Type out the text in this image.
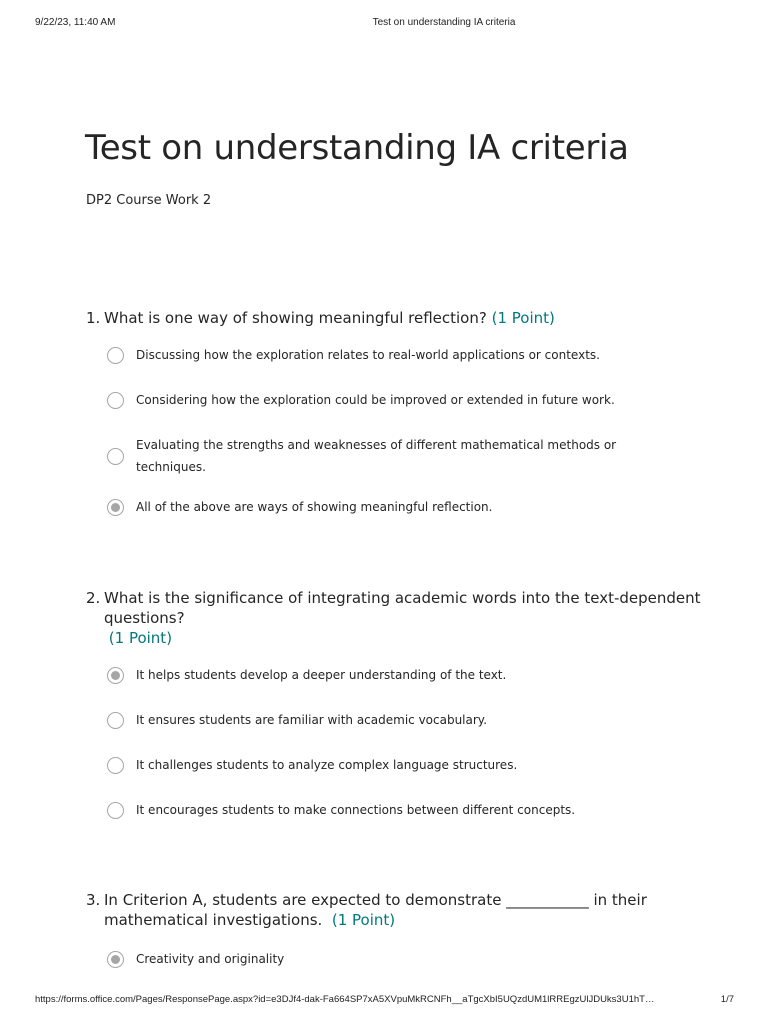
9/22/23, 11:40 AM	Test on understanding IA criteria
Test on understanding IA criteria
DP2 Course Work 2
1. What is one way of showing meaningful reflection? (1 Point)
Discussing how the exploration relates to real-world applications or contexts.
Considering how the exploration could be improved or extended in future work.
Evaluating the strengths and weaknesses of different mathematical methods or techniques.
All of the above are ways of showing meaningful reflection.
2. What is the significance of integrating academic words into the text-dependent questions?
(1 Point)
It helps students develop a deeper understanding of the text.
It ensures students are familiar with academic vocabulary.
It challenges students to analyze complex language structures.
It encourages students to make connections between different concepts.
3. In Criterion A, students are expected to demonstrate ___________ in their mathematical investigations. (1 Point)
Creativity and originality
https://forms.office.com/Pages/ResponsePage.aspx?id=e3DJf4-dak-Fa664SP7xA5XVpuMkRCNFh__aTgcXbI5UQzdUM1lRREgzUlJDUks3U1hT…	1/7
